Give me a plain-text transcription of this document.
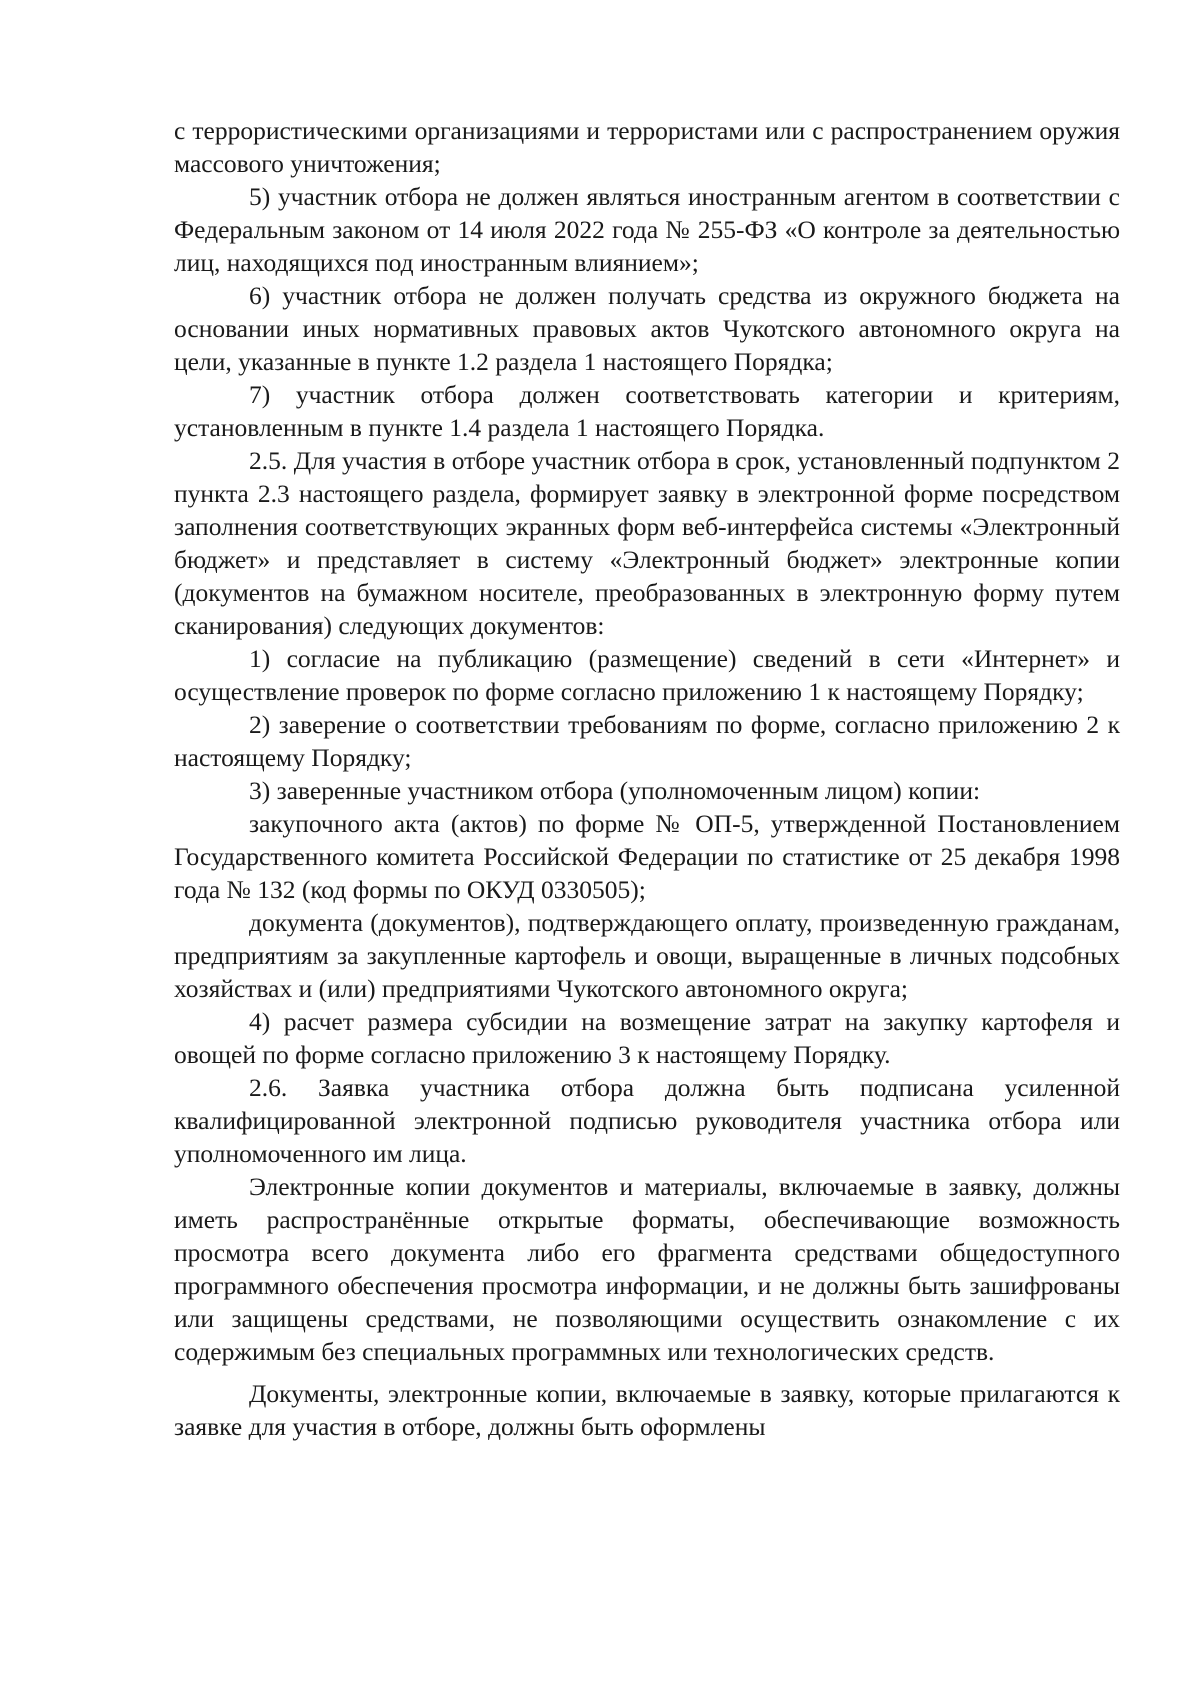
с террористическими организациями и террористами или с распространением оружия массового уничтожения;

5) участник отбора не должен являться иностранным агентом в соответствии с Федеральным законом от 14 июля 2022 года № 255-ФЗ «О контроле за деятельностью лиц, находящихся под иностранным влиянием»;

6) участник отбора не должен получать средства из окружного бюджета на основании иных нормативных правовых актов Чукотского автономного округа на цели, указанные в пункте 1.2 раздела 1 настоящего Порядка;

7) участник отбора должен соответствовать категории и критериям, установленным в пункте 1.4 раздела 1 настоящего Порядка.

2.5. Для участия в отборе участник отбора в срок, установленный подпунктом 2 пункта 2.3 настоящего раздела, формирует заявку в электронной форме посредством заполнения соответствующих экранных форм веб-интерфейса системы «Электронный бюджет» и представляет в систему «Электронный бюджет» электронные копии (документов на бумажном носителе, преобразованных в электронную форму путем сканирования) следующих документов:

1) согласие на публикацию (размещение) сведений в сети «Интернет» и осуществление проверок по форме согласно приложению 1 к настоящему Порядку;

2) заверение о соответствии требованиям по форме, согласно приложению 2 к настоящему Порядку;

3) заверенные участником отбора (уполномоченным лицом) копии:

закупочного акта (актов) по форме № ОП-5, утвержденной Постановлением Государственного комитета Российской Федерации по статистике от 25 декабря 1998 года № 132 (код формы по ОКУД 0330505);

документа (документов), подтверждающего оплату, произведенную гражданам, предприятиям за закупленные картофель и овощи, выращенные в личных подсобных хозяйствах и (или) предприятиями Чукотского автономного округа;

4) расчет размера субсидии на возмещение затрат на закупку картофеля и овощей по форме согласно приложению 3 к настоящему Порядку.

2.6. Заявка участника отбора должна быть подписана усиленной квалифицированной электронной подписью руководителя участника отбора или уполномоченного им лица.

Электронные копии документов и материалы, включаемые в заявку, должны иметь распространённые открытые форматы, обеспечивающие возможность просмотра всего документа либо его фрагмента средствами общедоступного программного обеспечения просмотра информации, и не должны быть зашифрованы или защищены средствами, не позволяющими осуществить ознакомление с их содержимым без специальных программных или технологических средств.

Документы, электронные копии, включаемые в заявку, которые прилагаются к заявке для участия в отборе, должны быть оформлены
